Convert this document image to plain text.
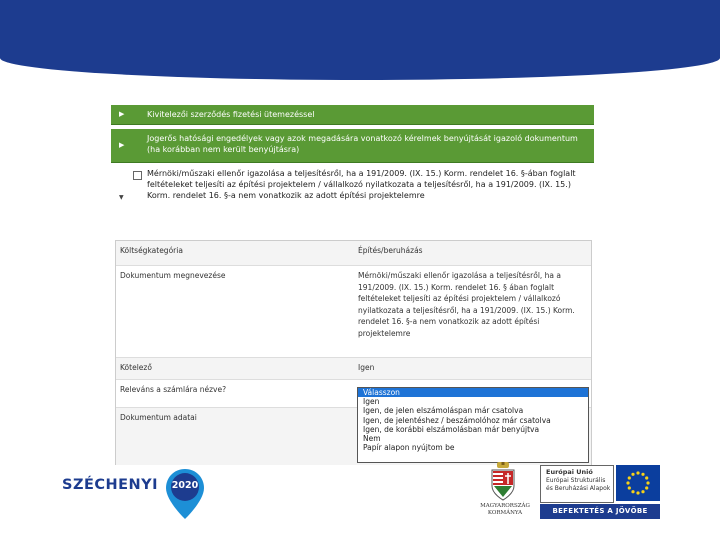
▶	Kivitelezői szerződés fizetési ütemezéssel
▶
Jogerős hatósági engedélyek vagy azok megadására vonatkozó kérelmek benyújtását igazoló dokumentum (ha korábban nem került benyújtásra)
▼
Mérnöki/műszaki ellenőr igazolása a teljesítésről, ha a 191/2009. (IX. 15.) Korm. rendelet 16. §-ában foglalt feltételeket teljesíti az építési projektelem / vállalkozó nyilatkozata a teljesítésről, ha a 191/2009. (IX. 15.) Korm. rendelet 16. §-a nem vonatkozik az adott építési projektelemre
Költségkategória	Építés/beruházás
Dokumentum megnevezése	Mérnöki/műszaki ellenőr igazolása a teljesítésről, ha a 191/2009. (IX. 15.) Korm. rendelet 16. § ában foglalt feltételeket teljesíti az építési projektelem / vállalkozó nyilatkozata a teljesítésről, ha a 191/2009. (IX. 15.) Korm. rendelet 16. §-a nem vonatkozik az adott építési projektelemre
Kötelező	Igen
Releváns a számlára nézve?
Dokumentum adatai
Válasszon
Igen
Igen, de jelen elszámoláspan már csatolva
Igen, de jelentéshez / beszámolóhoz már csatolva
Igen, de korábbi elszámolásban már benyújtva
Nem
Papír alapon nyújtom be
SZÉCHENYI	2020
MAGYARORSZÁG KORMÁNYA
Európai Unió
Európai Strukturális és Beruházási Alapok
BEFEKTETÉS A JÖVŐBE
